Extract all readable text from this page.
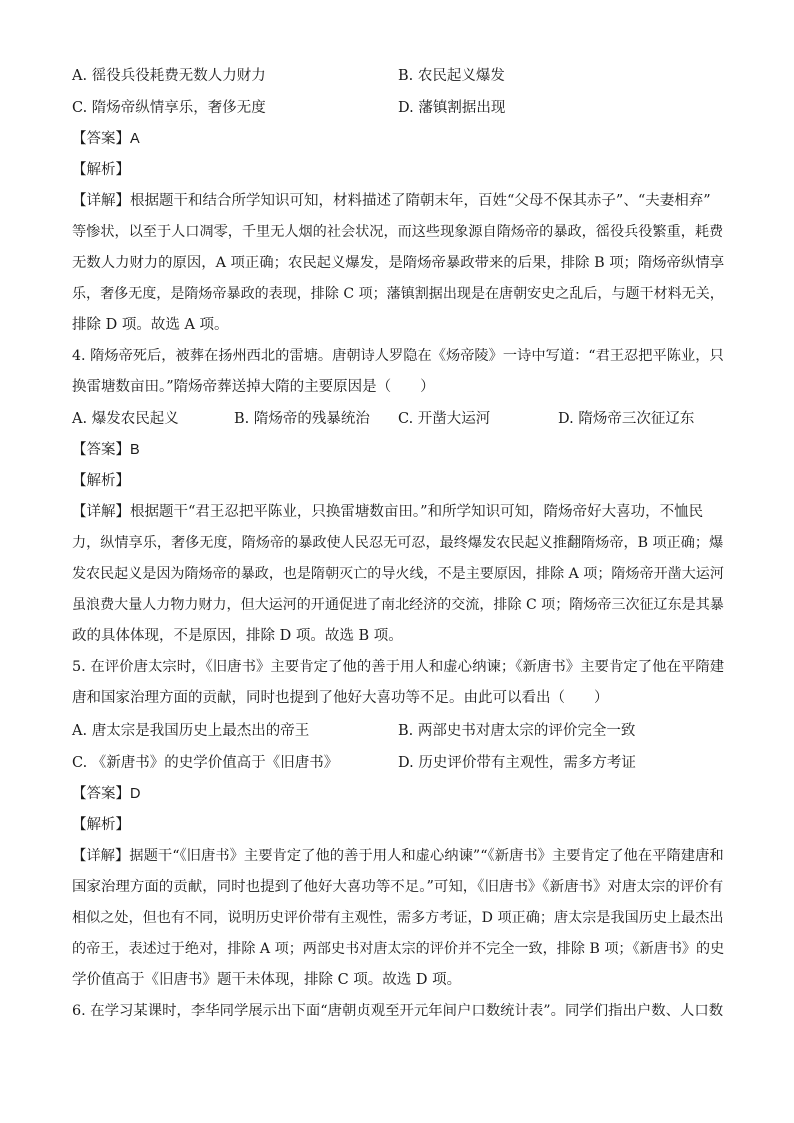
A. 徭役兵役耗费无数人力财力	B. 农民起义爆发
C. 隋炀帝纵情享乐，奢侈无度	D. 藩镇割据出现
【答案】A
【解析】
【详解】根据题干和结合所学知识可知，材料描述了隋朝末年，百姓“父母不保其赤子”、“夫妻相弃”
等惨状，以至于人口凋零，千里无人烟的社会状况，而这些现象源自隋炀帝的暴政，徭役兵役繁重，耗费
无数人力财力的原因，A 项正确；农民起义爆发，是隋炀帝暴政带来的后果，排除 B 项；隋炀帝纵情享
乐，奢侈无度，是隋炀帝暴政的表现，排除 C 项；藩镇割据出现是在唐朝安史之乱后，与题干材料无关，
排除 D 项。故选 A 项。
4. 隋炀帝死后，被葬在扬州西北的雷塘。唐朝诗人罗隐在《炀帝陵》一诗中写道：“君王忍把平陈业，只
换雷塘数亩田。”隋炀帝葬送掉大隋的主要原因是（　　）
A. 爆发农民起义	B. 隋炀帝的残暴统治 C. 开凿大运河	D. 隋炀帝三次征辽东
【答案】B
【解析】
【详解】根据题干“君王忍把平陈业，只换雷塘数亩田。”和所学知识可知，隋炀帝好大喜功，不恤民
力，纵情享乐，奢侈无度，隋炀帝的暴政使人民忍无可忍，最终爆发农民起义推翻隋炀帝，B 项正确；爆
发农民起义是因为隋炀帝的暴政，也是隋朝灭亡的导火线，不是主要原因，排除 A 项；隋炀帝开凿大运河
虽浪费大量人力物力财力，但大运河的开通促进了南北经济的交流，排除 C 项；隋炀帝三次征辽东是其暴
政的具体体现，不是原因，排除 D 项。故选 B 项。
5. 在评价唐太宗时，《旧唐书》主要肯定了他的善于用人和虚心纳谏；《新唐书》主要肯定了他在平隋建
唐和国家治理方面的贡献，同时也提到了他好大喜功等不足。由此可以看出（　　）
A. 唐太宗是我国历史上最杰出的帝王	B. 两部史书对唐太宗的评价完全一致
C. 《新唐书》的史学价值高于《旧唐书》	D. 历史评价带有主观性，需多方考证
【答案】D
【解析】
【详解】据题干“《旧唐书》主要肯定了他的善于用人和虚心纳谏”“《新唐书》主要肯定了他在平隋建唐和
国家治理方面的贡献，同时也提到了他好大喜功等不足。”可知，《旧唐书》《新唐书》对唐太宗的评价有
相似之处，但也有不同，说明历史评价带有主观性，需多方考证，D 项正确；唐太宗是我国历史上最杰出
的帝王，表述过于绝对，排除 A 项；两部史书对唐太宗的评价并不完全一致，排除 B 项；《新唐书》的史
学价值高于《旧唐书》题干未体现，排除 C 项。故选 D 项。
6. 在学习某课时，李华同学展示出下面“唐朝贞观至开元年间户口数统计表”。同学们指出户数、人口数
